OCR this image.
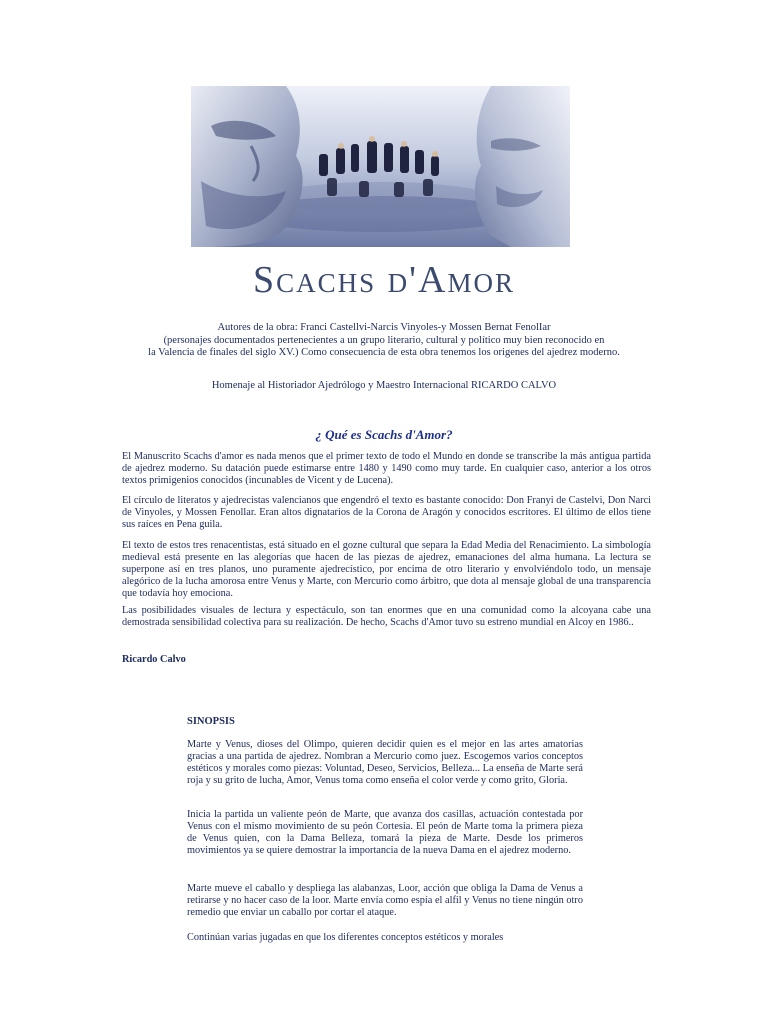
Scachs d'Amor
Autores de la obra: Franci Castellvi-Narcis Vinyoles-y Mossen Bernat FenolIar
(personajes documentados pertenecientes a un grupo literario, cultural y político muy bien reconocido en
la Valencia de finales del siglo XV.) Como consecuencia de esta obra tenemos los origenes del ajedrez moderno.
Homenaje al Historiador Ajedrólogo y Maestro Internacional RICARDO CALVO
¿ Qué es Scachs d'Amor?

El Manuscrito Scachs d'amor es nada menos que el primer texto de todo el Mundo en donde se transcribe la más antigua partida de ajedrez moderno. Su datación puede estimarse entre 1480 y 1490 como muy tarde. En cualquier caso, anterior a los otros textos primigenios conocidos (incunables de Vicent y de Lucena).

El círculo de literatos y ajedrecistas valencianos que engendró el texto es bastante conocido: Don Franyi de Castelvi, Don Narci de Vinyoles, y Mossen Fenollar. Eran altos dignatarios de la Corona de Aragón y conocidos escritores. El último de ellos tiene sus raíces en Pena guila.

El texto de estos tres renacentistas, está situado en el gozne cultural que separa la Edad Media del Renacimiento. La simbología medieval está presente en las alegorías que hacen de las piezas de ajedrez, emanaciones del alma humana. La lectura se superpone así en tres planos, uno puramente ajedrecístico, por encima de otro literario y envolviéndolo todo, un mensaje alegórico de la lucha amorosa entre Venus y Marte, con Mercurio como árbitro, que dota al mensaje global de una transparencia que todavía hoy emociona.

Las posibilidades visuales de lectura y espectáculo, son tan enormes que en una comunidad como la alcoyana cabe una demostrada sensibilidad colectiva para su realización. De hecho, Scachs d'Amor tuvo su estreno mundial en Alcoy en 1986..

Ricardo Calvo
SINOPSIS

Marte y Venus, dioses del Olimpo, quieren decidir quien es el mejor en las artes amatorias gracias a una partida de ajedrez. Nombran a Mercurio como juez. Escogemos varios conceptos estéticos y morales como piezas: Voluntad, Deseo, Servicios, Belleza... La enseña de Marte será roja y su grito de lucha, Amor, Venus toma como enseña el color verde y como grito, Gloria.

Inicia la partida un valiente peón de Marte, que avanza dos casillas, actuación contestada por Venus con el mismo movimiento de su peón Cortesia. El peón de Marte toma la primera pieza de Venus quien, con la Dama Belleza, tomará la pieza de Marte. Desde los primeros movimientos ya se quiere demostrar la importancia de la nueva Dama en el ajedrez moderno.

Marte mueve el caballo y despliega las alabanzas, Loor, acción que obliga la Dama de Venus a retirarse y no hacer caso de la loor. Marte envía como espía el alfil y Venus no tiene ningún otro remedio que enviar un caballo por cortar el ataque.

Continúan varias jugadas en que los diferentes conceptos estéticos y morales
